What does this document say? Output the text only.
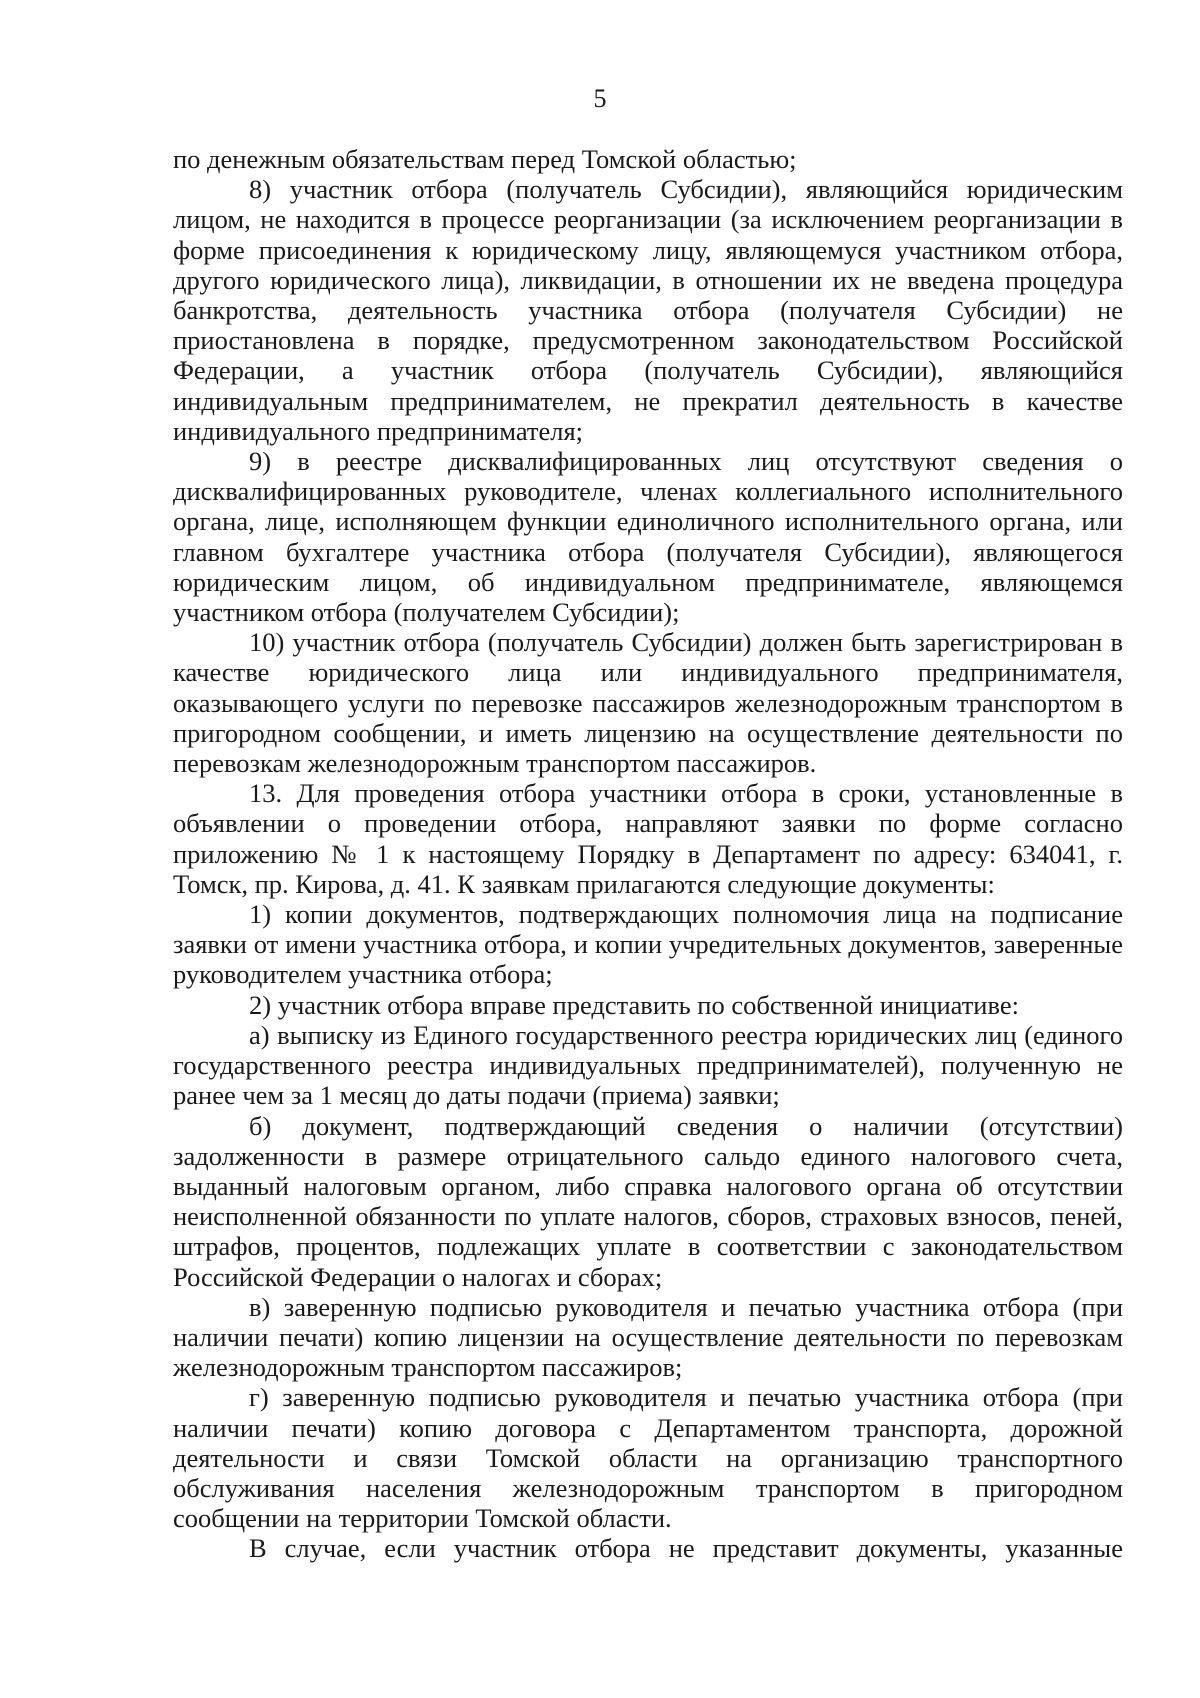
5

по денежным обязательствам перед Томской областью;

8) участник отбора (получатель Субсидии), являющийся юридическим лицом, не находится в процессе реорганизации (за исключением реорганизации в форме присоединения к юридическому лицу, являющемуся участником отбора, другого юридического лица), ликвидации, в отношении их не введена процедура банкротства, деятельность участника отбора (получателя Субсидии) не приостановлена в порядке, предусмотренном законодательством Российской Федерации, а участник отбора (получатель Субсидии), являющийся индивидуальным предпринимателем, не прекратил деятельность в качестве индивидуального предпринимателя;

9) в реестре дисквалифицированных лиц отсутствуют сведения о дисквалифицированных руководителе, членах коллегиального исполнительного органа, лице, исполняющем функции единоличного исполнительного органа, или главном бухгалтере участника отбора (получателя Субсидии), являющегося юридическим лицом, об индивидуальном предпринимателе, являющемся участником отбора (получателем Субсидии);

10) участник отбора (получатель Субсидии) должен быть зарегистрирован в качестве юридического лица или индивидуального предпринимателя, оказывающего услуги по перевозке пассажиров железнодорожным транспортом в пригородном сообщении, и иметь лицензию на осуществление деятельности по перевозкам железнодорожным транспортом пассажиров.

13. Для проведения отбора участники отбора в сроки, установленные в объявлении о проведении отбора, направляют заявки по форме согласно приложению № 1 к настоящему Порядку в Департамент по адресу: 634041, г. Томск, пр. Кирова, д. 41. К заявкам прилагаются следующие документы:

1) копии документов, подтверждающих полномочия лица на подписание заявки от имени участника отбора, и копии учредительных документов, заверенные руководителем участника отбора;

2) участник отбора вправе представить по собственной инициативе:

а) выписку из Единого государственного реестра юридических лиц (единого государственного реестра индивидуальных предпринимателей), полученную не ранее чем за 1 месяц до даты подачи (приема) заявки;

б) документ, подтверждающий сведения о наличии (отсутствии) задолженности в размере отрицательного сальдо единого налогового счета, выданный налоговым органом, либо справка налогового органа об отсутствии неисполненной обязанности по уплате налогов, сборов, страховых взносов, пеней, штрафов, процентов, подлежащих уплате в соответствии с законодательством Российской Федерации о налогах и сборах;

в) заверенную подписью руководителя и печатью участника отбора (при наличии печати) копию лицензии на осуществление деятельности по перевозкам железнодорожным транспортом пассажиров;

г) заверенную подписью руководителя и печатью участника отбора (при наличии печати) копию договора с Департаментом транспорта, дорожной деятельности и связи Томской области на организацию транспортного обслуживания населения железнодорожным транспортом в пригородном сообщении на территории Томской области.

В случае, если участник отбора не представит документы, указанные
